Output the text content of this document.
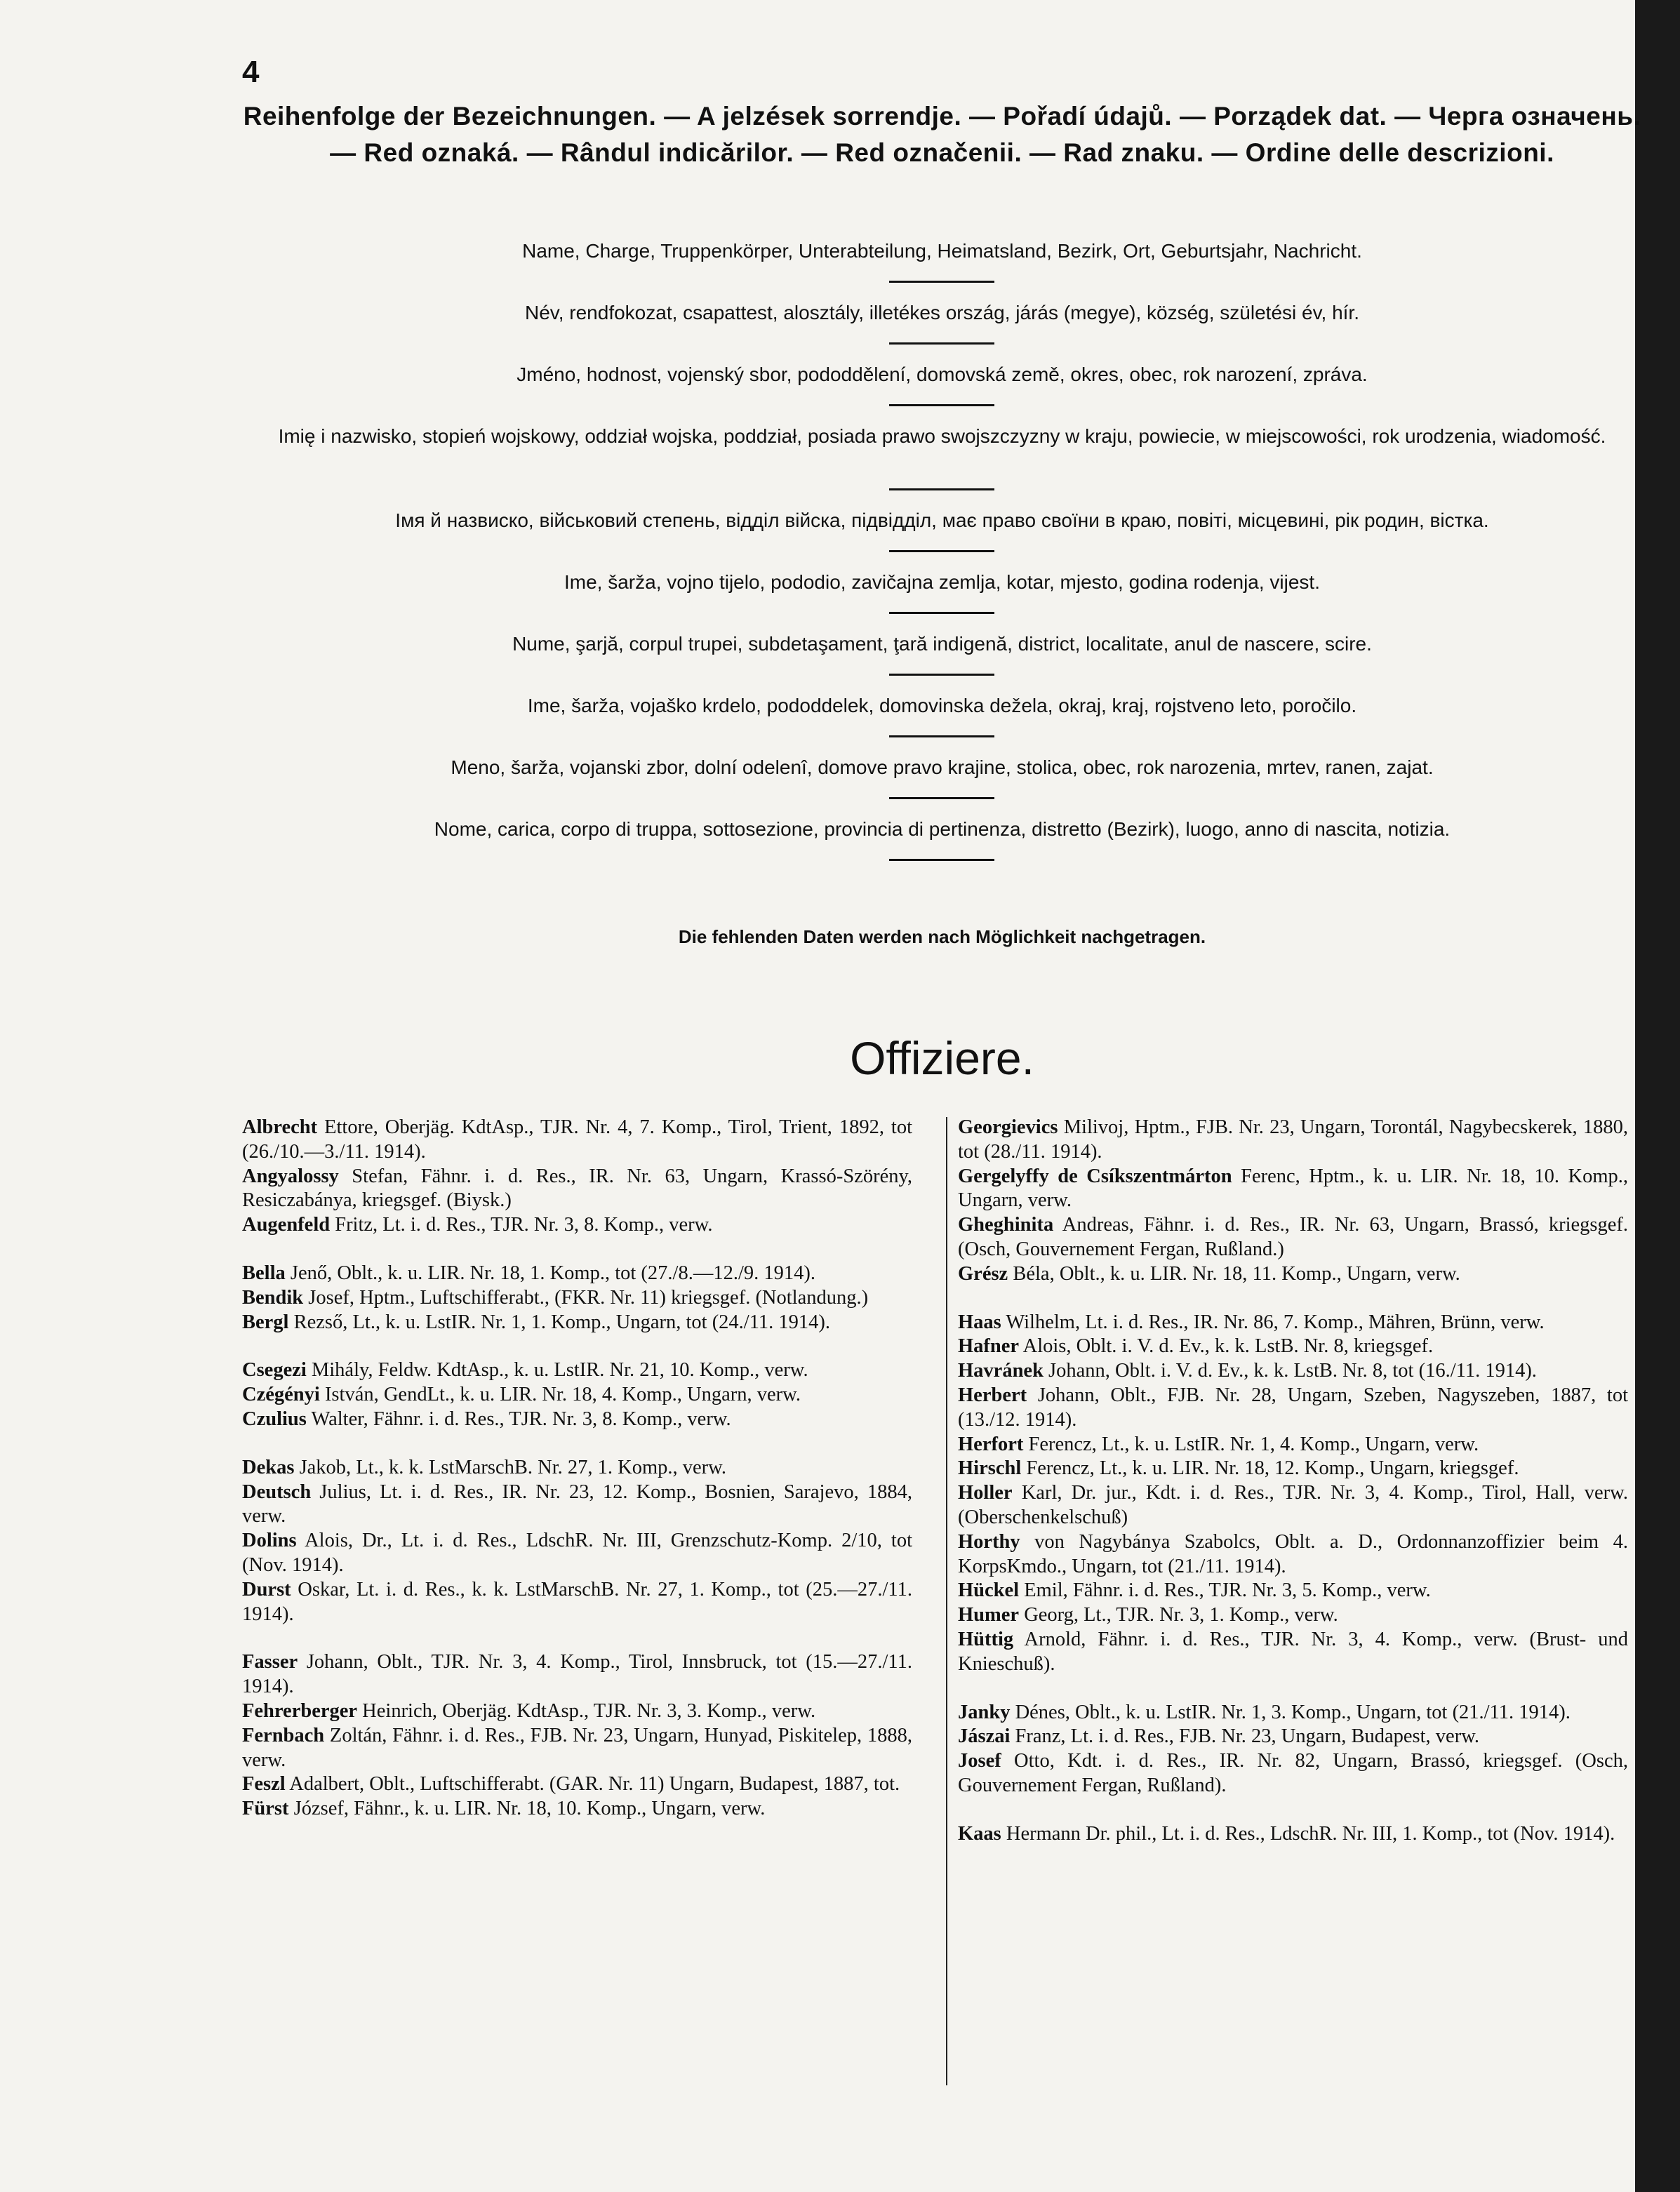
4
Reihenfolge der Bezeichnungen. — A jelzések sorrendje. — Pořadí údajů. — Porządek dat. — Черга означень. — Red oznaká. — Rândul indicărilor. — Red označenii. — Rad znaku. — Ordine delle descrizioni.

Name, Charge, Truppenkörper, Unterabteilung, Heimatsland, Bezirk, Ort, Geburtsjahr, Nachricht.

Név, rendfokozat, csapattest, alosztály, illetékes ország, járás (megye), község, születési év, hír.

Jméno, hodnost, vojenský sbor, pododdělení, domovská země, okres, obec, rok narození, zpráva.

Imię i nazwisko, stopień wojskowy, oddział wojska, poddział, posiada prawo swojszczyzny w kraju, powiecie, w miejscowości, rok urodzenia, wiadomość.

Імя й назвиско, військовий степень, відділ війска, підвідділ, має право своїни в краю, повіті, місцевині, рік родин, вістка.

Ime, šarža, vojno tijelo, pododio, zavičajna zemlja, kotar, mjesto, godina rodenja, vijest.

Nume, şarjă, corpul trupei, subdetaşament, ţară indigenă, district, localitate, anul de nascere, scire.

Ime, šarža, vojaško krdelo, pododdelek, domovinska dežela, okraj, kraj, rojstveno leto, poročilo.

Meno, šarža, vojanski zbor, dolní odelenî, domove pravo krajine, stolica, obec, rok narozenia, mrtev, ranen, zajat.

Nome, carica, corpo di truppa, sottosezione, provincia di pertinenza, distretto (Bezirk), luogo, anno di nascita, notizia.

Die fehlenden Daten werden nach Möglichkeit nachgetragen.
Offiziere.

Albrecht Ettore, Oberjäg. KdtAsp., TJR. Nr. 4, 7. Komp., Tirol, Trient, 1892, tot (26./10.—3./11. 1914).

Angyalossy Stefan, Fähnr. i. d. Res., IR. Nr. 63, Ungarn, Krassó-Szörény, Resiczabánya, kriegsgef. (Biysk.)

Augenfeld Fritz, Lt. i. d. Res., TJR. Nr. 3, 8. Komp., verw.

Bella Jenő, Oblt., k. u. LIR. Nr. 18, 1. Komp., tot (27./8.—12./9. 1914).

Bendik Josef, Hptm., Luftschifferabt., (FKR. Nr. 11) kriegsgef. (Notlandung.)

Bergl Rezső, Lt., k. u. LstIR. Nr. 1, 1. Komp., Ungarn, tot (24./11. 1914).

Csegezi Mihály, Feldw. KdtAsp., k. u. LstIR. Nr. 21, 10. Komp., verw.

Czégényi István, GendLt., k. u. LIR. Nr. 18, 4. Komp., Ungarn, verw.

Czulius Walter, Fähnr. i. d. Res., TJR. Nr. 3, 8. Komp., verw.

Dekas Jakob, Lt., k. k. LstMarschB. Nr. 27, 1. Komp., verw.

Deutsch Julius, Lt. i. d. Res., IR. Nr. 23, 12. Komp., Bosnien, Sarajevo, 1884, verw.

Dolins Alois, Dr., Lt. i. d. Res., LdschR. Nr. III, Grenzschutz-Komp. 2/10, tot (Nov. 1914).

Durst Oskar, Lt. i. d. Res., k. k. LstMarschB. Nr. 27, 1. Komp., tot (25.—27./11. 1914).

Fasser Johann, Oblt., TJR. Nr. 3, 4. Komp., Tirol, Innsbruck, tot (15.—27./11. 1914).

Fehrerberger Heinrich, Oberjäg. KdtAsp., TJR. Nr. 3, 3. Komp., verw.

Fernbach Zoltán, Fähnr. i. d. Res., FJB. Nr. 23, Ungarn, Hunyad, Piskitelep, 1888, verw.

Feszl Adalbert, Oblt., Luftschifferabt. (GAR. Nr. 11) Ungarn, Budapest, 1887, tot.

Fürst József, Fähnr., k. u. LIR. Nr. 18, 10. Komp., Ungarn, verw.

Georgievics Milivoj, Hptm., FJB. Nr. 23, Ungarn, Torontál, Nagybecskerek, 1880, tot (28./11. 1914).

Gergelyffy de Csíkszentmárton Ferenc, Hptm., k. u. LIR. Nr. 18, 10. Komp., Ungarn, verw.

Gheghinita Andreas, Fähnr. i. d. Res., IR. Nr. 63, Ungarn, Brassó, kriegsgef. (Osch, Gouvernement Fergan, Rußland.)

Grész Béla, Oblt., k. u. LIR. Nr. 18, 11. Komp., Ungarn, verw.

Haas Wilhelm, Lt. i. d. Res., IR. Nr. 86, 7. Komp., Mähren, Brünn, verw.

Hafner Alois, Oblt. i. V. d. Ev., k. k. LstB. Nr. 8, kriegsgef.

Havránek Johann, Oblt. i. V. d. Ev., k. k. LstB. Nr. 8, tot (16./11. 1914).

Herbert Johann, Oblt., FJB. Nr. 28, Ungarn, Szeben, Nagyszeben, 1887, tot (13./12. 1914).

Herfort Ferencz, Lt., k. u. LstIR. Nr. 1, 4. Komp., Ungarn, verw.

Hirschl Ferencz, Lt., k. u. LIR. Nr. 18, 12. Komp., Ungarn, kriegsgef.

Holler Karl, Dr. jur., Kdt. i. d. Res., TJR. Nr. 3, 4. Komp., Tirol, Hall, verw. (Oberschenkelschuß)

Horthy von Nagybánya Szabolcs, Oblt. a. D., Ordonnanzoffizier beim 4. KorpsKmdo., Ungarn, tot (21./11. 1914).

Hückel Emil, Fähnr. i. d. Res., TJR. Nr. 3, 5. Komp., verw.

Humer Georg, Lt., TJR. Nr. 3, 1. Komp., verw.

Hüttig Arnold, Fähnr. i. d. Res., TJR. Nr. 3, 4. Komp., verw. (Brust- und Knieschuß).

Janky Dénes, Oblt., k. u. LstIR. Nr. 1, 3. Komp., Ungarn, tot (21./11. 1914).

Jászai Franz, Lt. i. d. Res., FJB. Nr. 23, Ungarn, Budapest, verw.

Josef Otto, Kdt. i. d. Res., IR. Nr. 82, Ungarn, Brassó, kriegsgef. (Osch, Gouvernement Fergan, Rußland).

Kaas Hermann Dr. phil., Lt. i. d. Res., LdschR. Nr. III, 1. Komp., tot (Nov. 1914).
